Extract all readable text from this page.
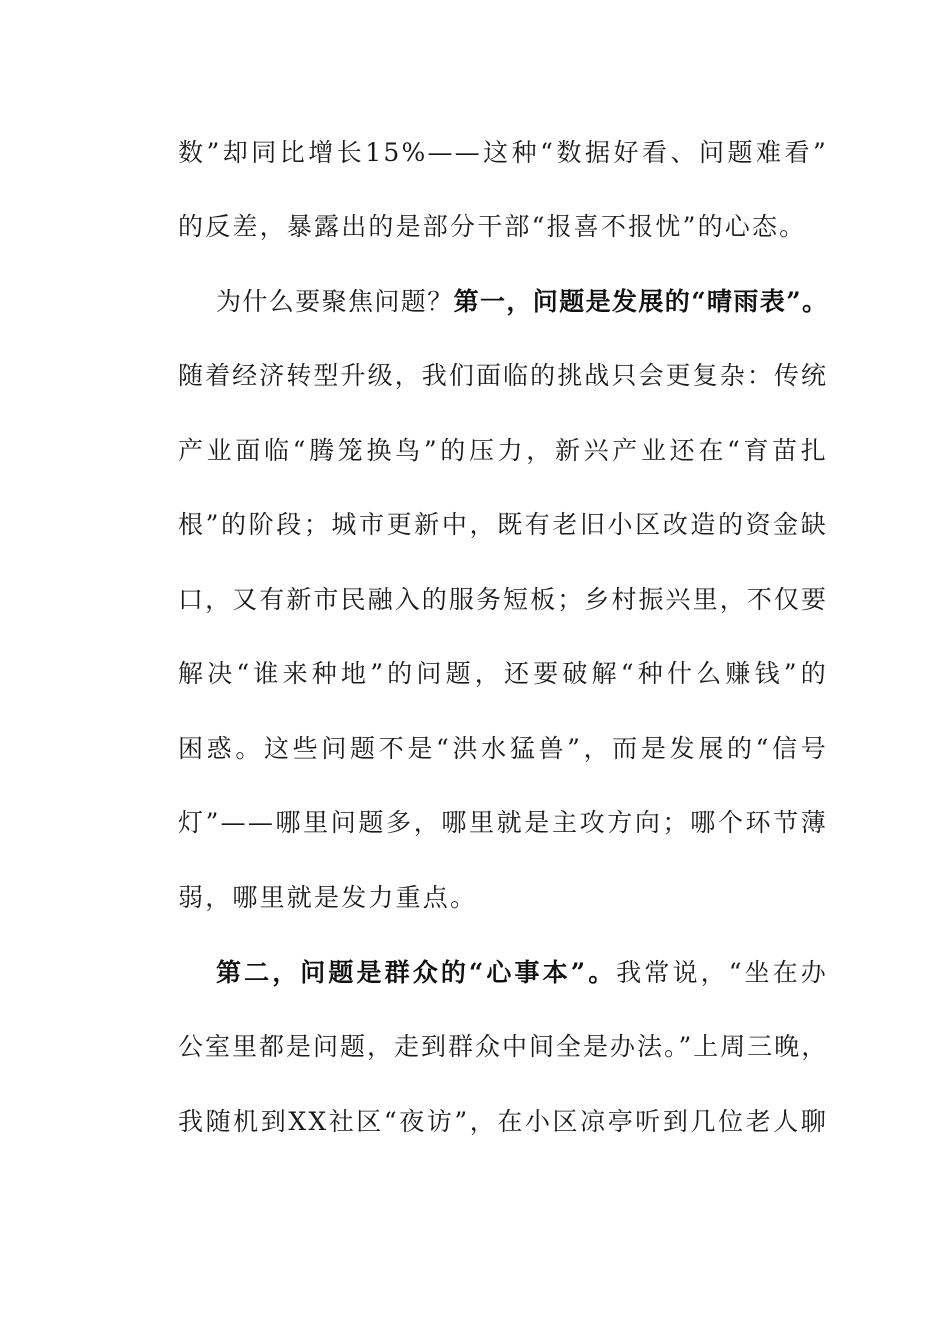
数”却同比增长15%——这种“数据好看、问题难看”
的反差，暴露出的是部分干部“报喜不报忧”的心态。
为什么要聚焦问题？第一，问题是发展的“晴雨表”。
随着经济转型升级，我们面临的挑战只会更复杂：传统
产业面临“腾笼换鸟”的压力，新兴产业还在“育苗扎
根”的阶段；城市更新中，既有老旧小区改造的资金缺
口，又有新市民融入的服务短板；乡村振兴里，不仅要
解决“谁来种地”的问题，还要破解“种什么赚钱”的
困惑。这些问题不是“洪水猛兽”，而是发展的“信号
灯”——哪里问题多，哪里就是主攻方向；哪个环节薄
弱，哪里就是发力重点。
第二，问题是群众的“心事本”。我常说，“坐在办
公室里都是问题，走到群众中间全是办法。”上周三晚，
我随机到XX社区“夜访”，在小区凉亭听到几位老人聊
